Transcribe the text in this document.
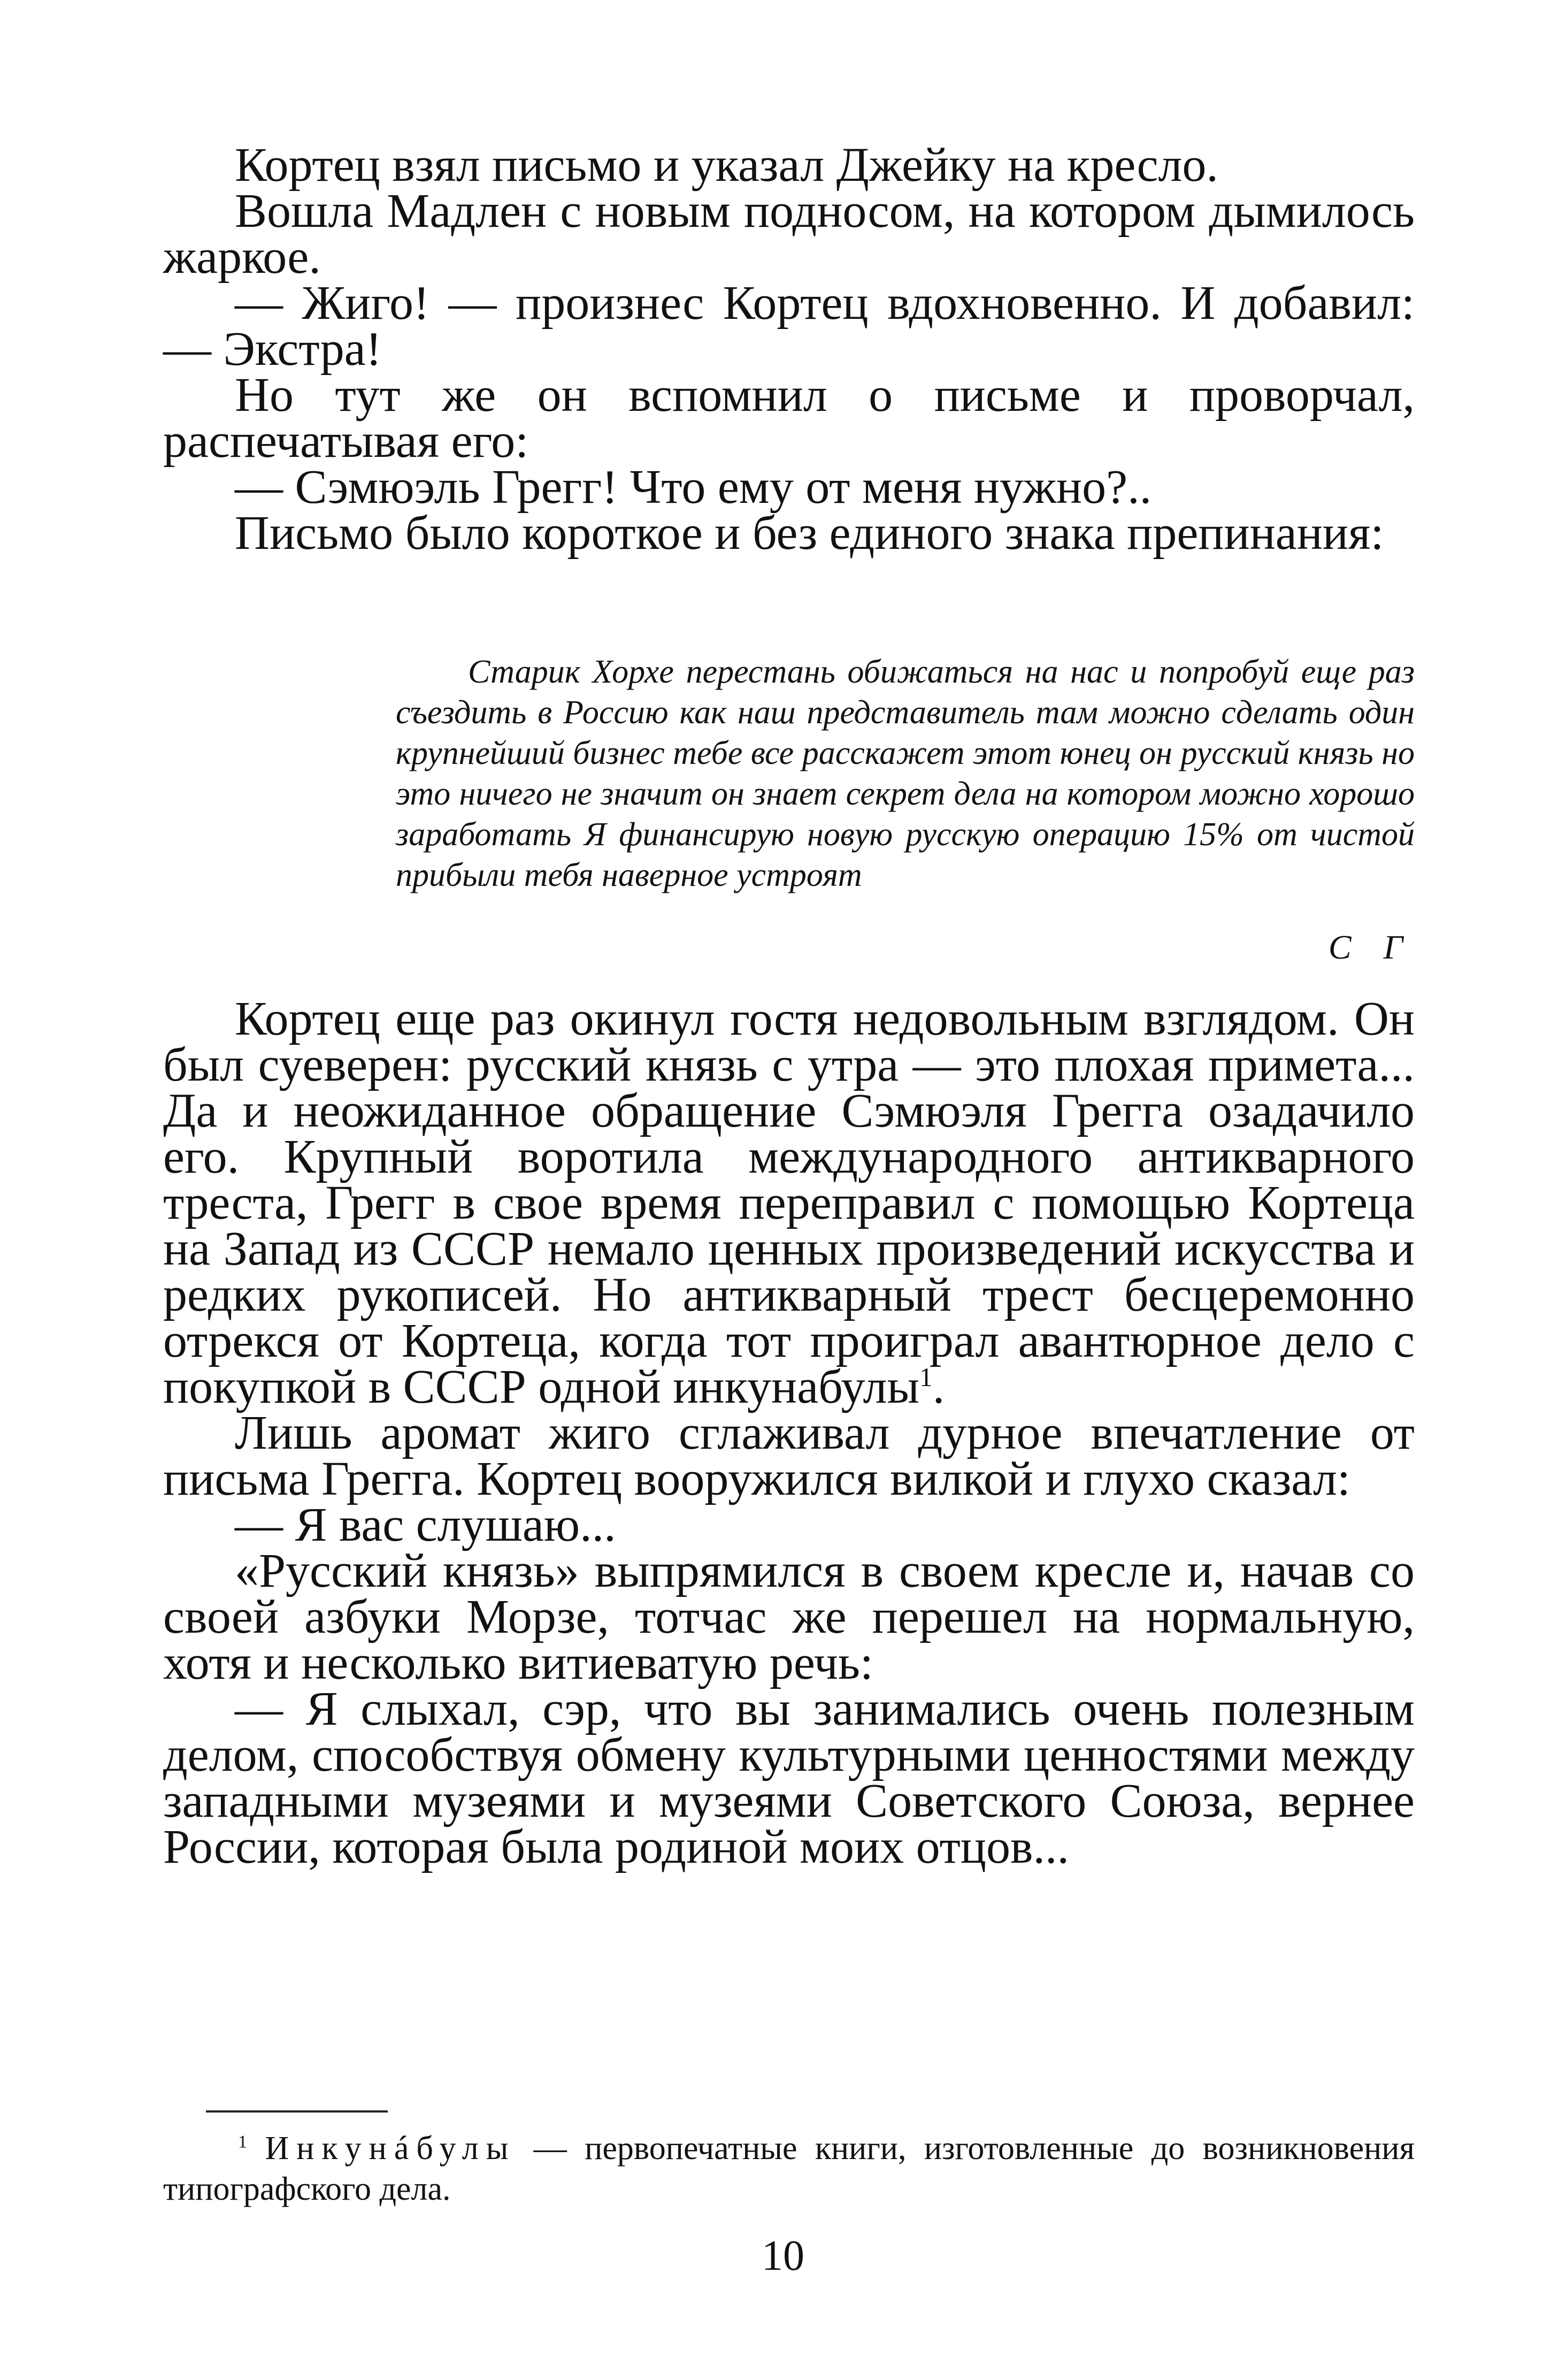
Кортец взял письмо и указал Джейку на кресло.

Вошла Мадлен с новым подносом, на котором дымилось жаркое.

— Жиго! — произнес Кортец вдохновенно. И добавил: — Экстра!

Но тут же он вспомнил о письме и проворчал, распечатывая его:

— Сэмюэль Грегг! Что ему от меня нужно?..

Письмо было короткое и без единого знака препинания:

Старик Хорхе перестань обижаться на нас и попробуй еще раз съездить в Россию как наш представитель там можно сделать один крупнейший бизнес тебе все расскажет этот юнец он русский князь но это ничего не значит он знает секрет дела на котором можно хорошо заработать Я финансирую новую русскую операцию 15% от чистой прибыли тебя наверное устроят

С Г

Кортец еще раз окинул гостя недовольным взглядом. Он был суеверен: русский князь с утра — это плохая примета... Да и неожиданное обращение Сэмюэля Грегга озадачило его. Крупный воротила международного антикварного треста, Грегг в свое время переправил с помощью Кортеца на Запад из СССР немало ценных произведений искусства и редких рукописей. Но антикварный трест бесцеремонно отрекся от Кортеца, когда тот проиграл авантюрное дело с покупкой в СССР одной инкунабулы$^1$.

Лишь аромат жиго сглаживал дурное впечатление от письма Грегга. Кортец вооружился вилкой и глухо сказал:

— Я вас слушаю...

«Русский князь» выпрямился в своем кресле и, начав со своей азбуки Морзе, тотчас же перешел на нормальную, хотя и несколько витиеватую речь:

— Я слыхал, сэр, что вы занимались очень полезным делом, способствуя обмену культурными ценностями между западными музеями и музеями Советского Союза, вернее России, которая была родиной моих отцов...

$^1$ Инкунáбулы — первопечатные книги, изготовленные до возникновения типографского дела.

10
